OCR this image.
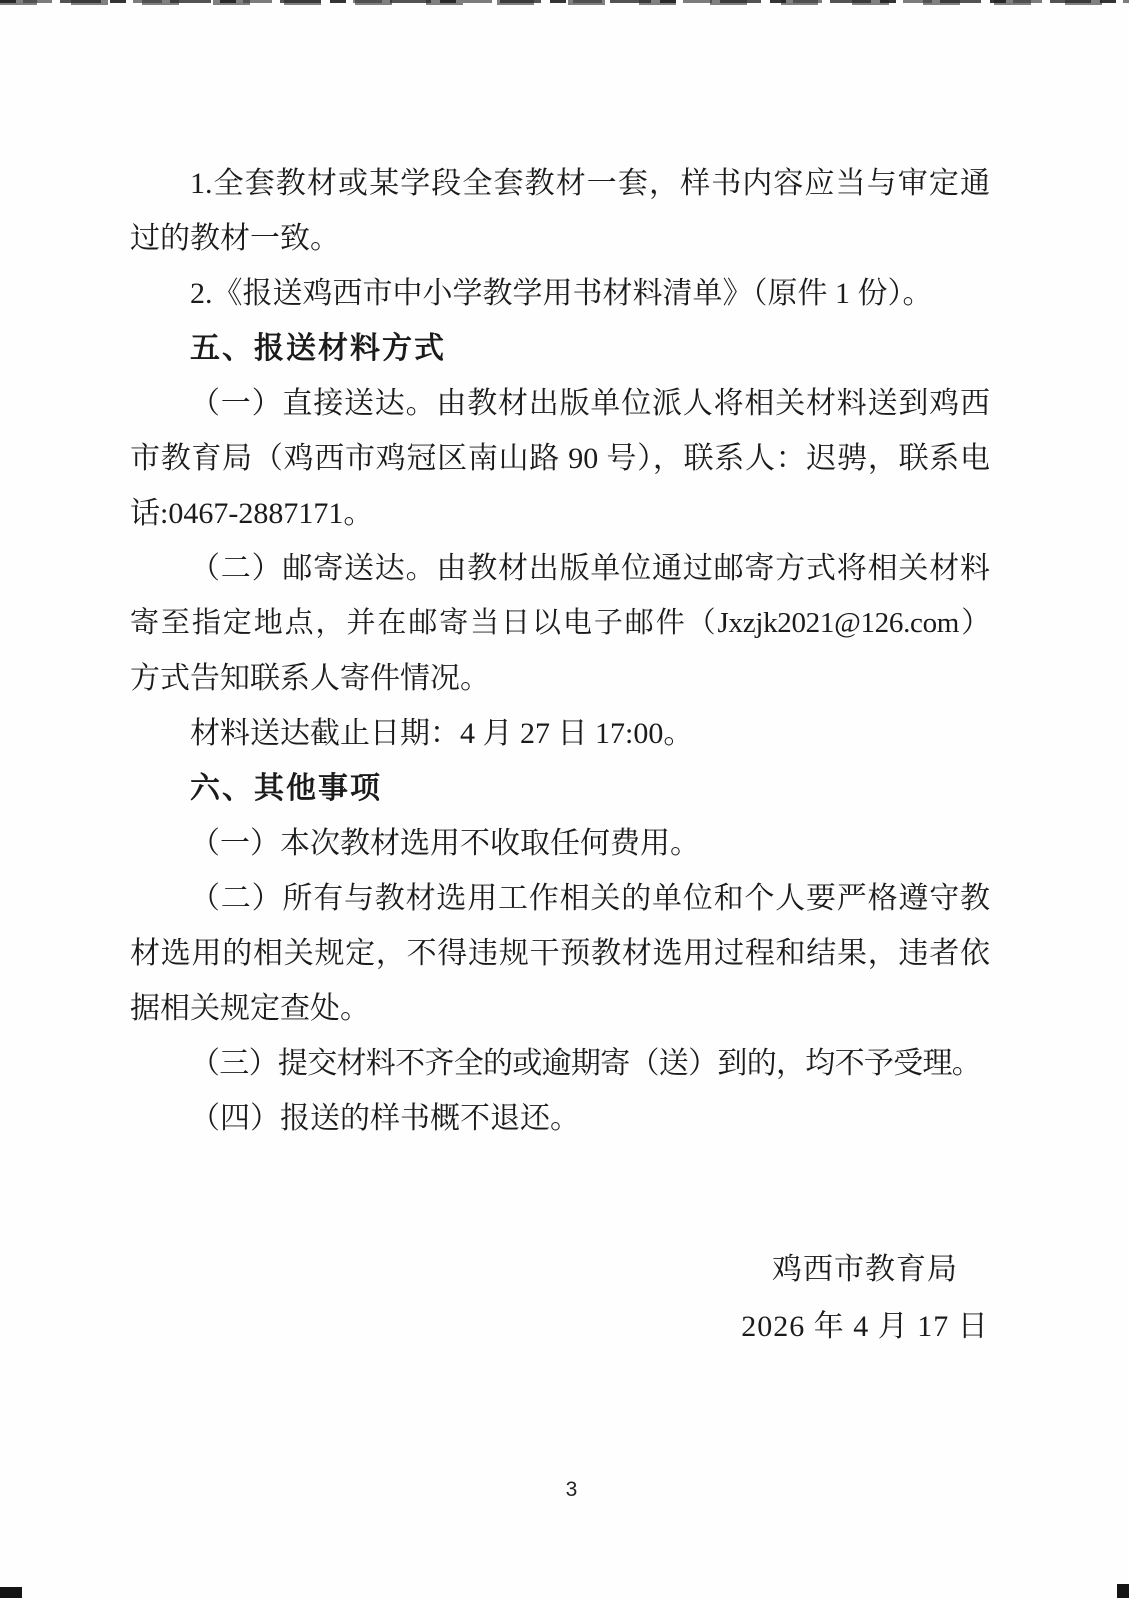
1.全套教材或某学段全套教材一套，样书内容应当与审定通
过的教材一致。
2.《报送鸡西市中小学教学用书材料清单》（原件 1 份）。
五、报送材料方式
（一）直接送达。由教材出版单位派人将相关材料送到鸡西
市教育局（鸡西市鸡冠区南山路 90 号），联系人：迟骋，联系电
话:0467-2887171。
（二）邮寄送达。由教材出版单位通过邮寄方式将相关材料
寄至指定地点，并在邮寄当日以电子邮件（Jxzjk2021@126.com）
方式告知联系人寄件情况。
材料送达截止日期：4 月 27 日 17:00。
六、其他事项
（一）本次教材选用不收取任何费用。
（二）所有与教材选用工作相关的单位和个人要严格遵守教
材选用的相关规定，不得违规干预教材选用过程和结果，违者依
据相关规定查处。
（三）提交材料不齐全的或逾期寄（送）到的，均不予受理。
（四）报送的样书概不退还。
鸡西市教育局
2026 年 4 月 17 日
3
